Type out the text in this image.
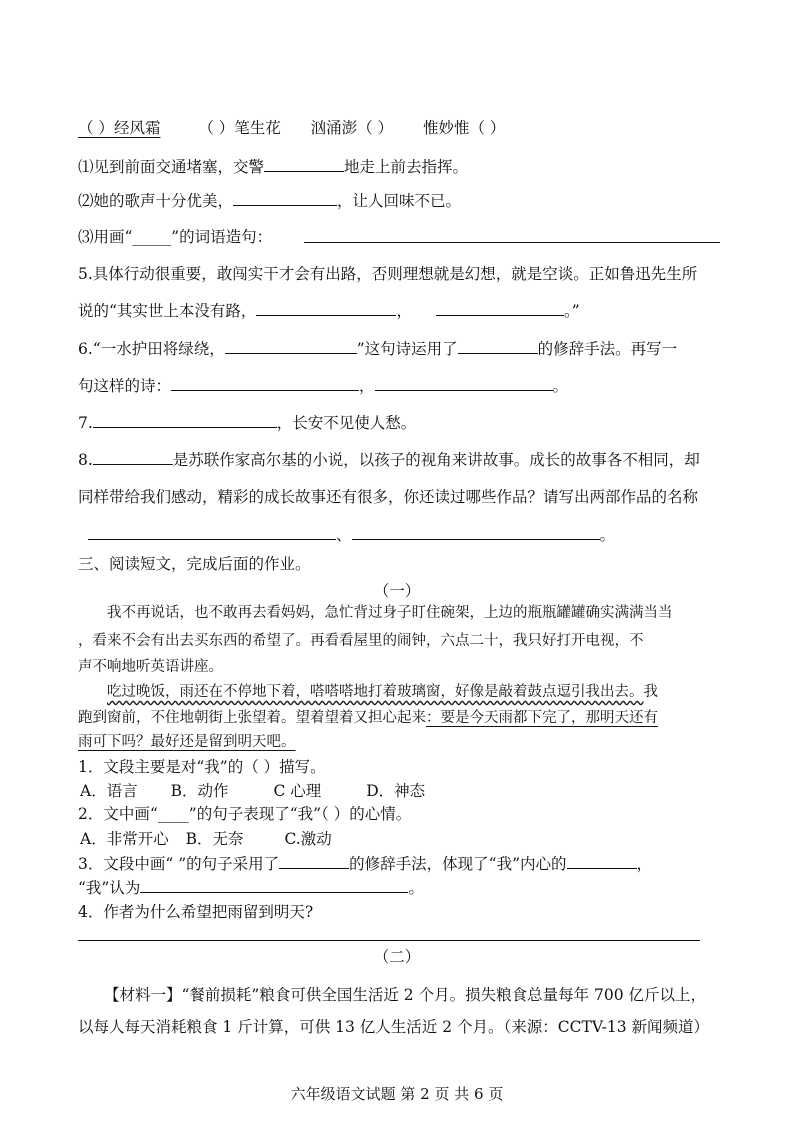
（ ）经风霜 （ ）笔生花 汹涌澎（ ） 惟妙惟（ ）
⑴见到前面交通堵塞，交警	地走上前去指挥。
⑵她的歌声十分优美，	，让人回味不已。
⑶用画“_____”的词语造句：
5.具体行动很重要，敢闯实干才会有出路，否则理想就是幻想，就是空谈。正如鲁迅先生所
说的“其实世上本没有路，	，	。”
6.“一水护田将绿绕，	”这句诗运用了	的修辞手法。再写一
句这样的诗：	，	。
7.	，长安不见使人愁。
8.	是苏联作家高尔基的小说，以孩子的视角来讲故事。成长的故事各不相同，却
同样带给我们感动，精彩的成长故事还有很多，你还读过哪些作品？请写出两部作品的名称
、	。
三、阅读短文，完成后面的作业。
（一）
我不再说话，也不敢再去看妈妈，急忙背过身子盯住碗架，上边的瓶瓶罐罐确实满满当当
，看来不会有出去买东西的希望了。再看看屋里的闹钟，六点二十，我只好打开电视，不
声不响地听英语讲座。
吃过晚饭，雨还在不停地下着，嗒嗒嗒地打着玻璃窗，好像是敲着鼓点逗引我出去。我
跑到窗前，不住地朝街上张望着。望着望着又担心起来：要是今天雨都下完了，那明天还有
雨可下吗？最好还是留到明天吧。
1．文段主要是对“我”的（ ）描写。
A．语言 B．动作	C 心理	D．神态
2．文中画“____”的句子表现了“我”（ ）的心情。
A．非常开心 B．无奈	C.激动
3．文段中画“ ”的句子采用了	的修辞手法，体现了“我”内心的	，
“我”认为	。
4．作者为什么希望把雨留到明天?
（二）
【材料一】“餐前损耗”粮食可供全国生活近 2 个月。损失粮食总量每年 700 亿斤以上，
以每人每天消耗粮食 1 斤计算，可供 13 亿人生活近 2 个月。（来源：CCTV-13 新闻频道）
六年级语文试题 第 2 页 共 6 页
